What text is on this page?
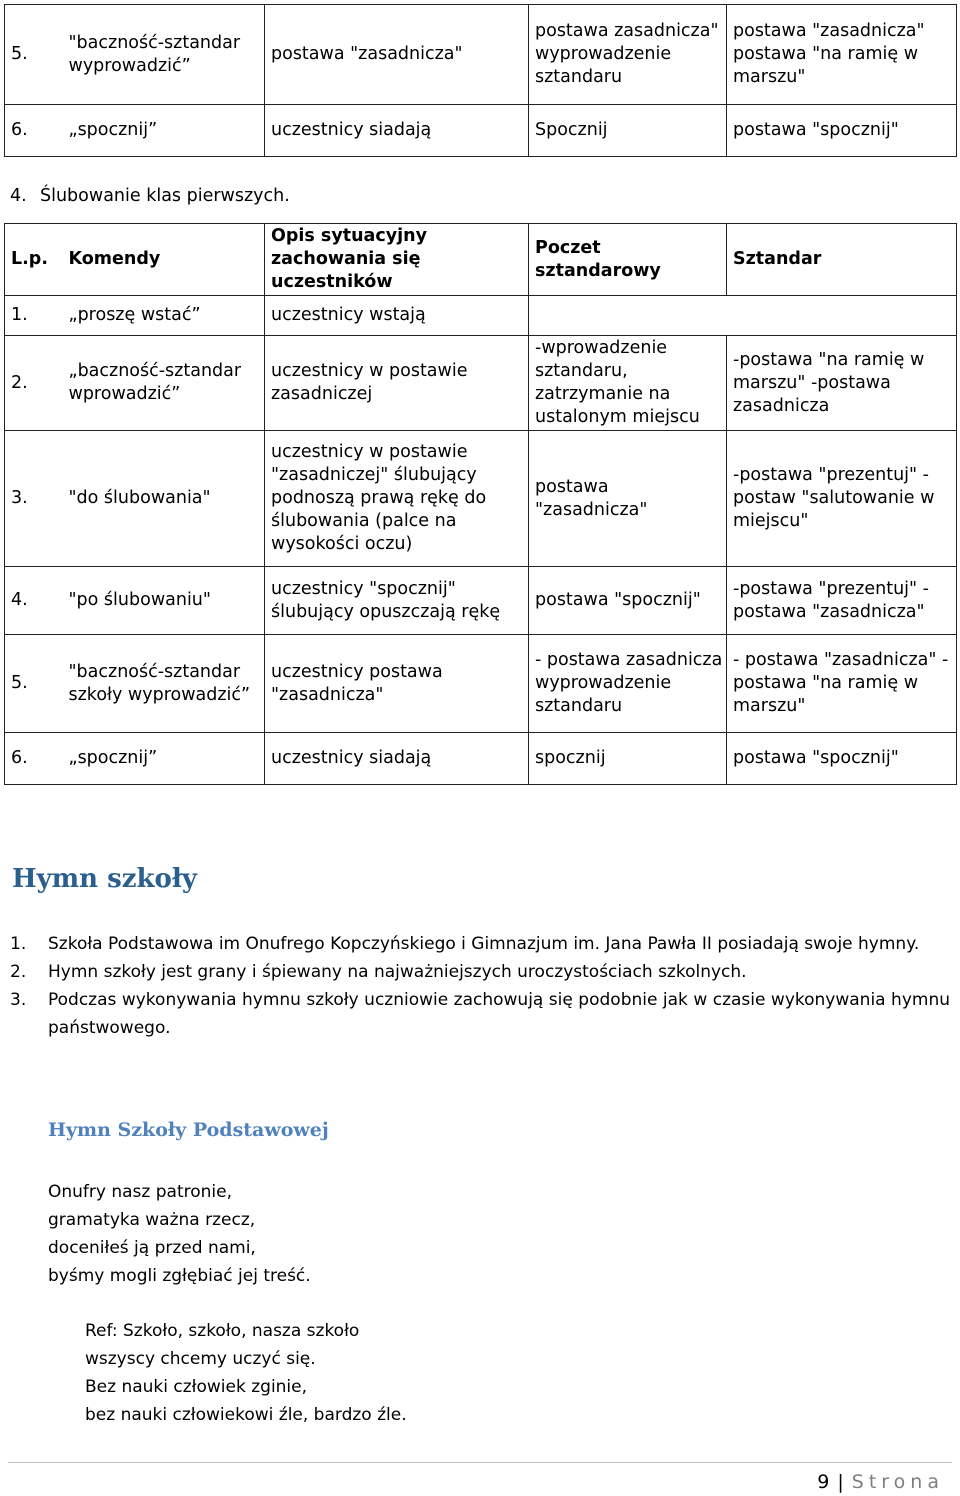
5.	"baczność-sztandar wyprowadzić”	postawa "zasadnicza"	postawa zasadnicza" wyprowadzenie sztandaru	postawa "zasadnicza" postawa "na ramię w marszu"
6.	„spocznij”	uczestnicy siadają	Spocznij	postawa "spocznij"
4. Ślubowanie klas pierwszych.
L.p.	Komendy	Opis sytuacyjny zachowania się uczestników	Poczet sztandarowy	Sztandar
1.	„proszę wstać”	uczestnicy wstają		
2.	„baczność-sztandar wprowadzić”	uczestnicy w postawie zasadniczej	-wprowadzenie sztandaru, zatrzymanie na ustalonym miejscu	-postawa "na ramię w marszu" -postawa zasadnicza
3.	"do ślubowania"	uczestnicy w postawie "zasadniczej" ślubujący podnoszą prawą rękę do ślubowania (palce na wysokości oczu)	postawa "zasadnicza"	-postawa "prezentuj" -postaw "salutowanie w miejscu"
4.	"po ślubowaniu"	uczestnicy "spocznij" ślubujący opuszczają rękę	postawa "spocznij"	-postawa "prezentuj" -postawa "zasadnicza"
5.	"baczność-sztandar szkoły wyprowadzić”	uczestnicy postawa "zasadnicza"	- postawa zasadnicza wyprowadzenie sztandaru	- postawa "zasadnicza" - postawa "na ramię w marszu"
6.	„spocznij”	uczestnicy siadają	spocznij	postawa "spocznij"
Hymn szkoły
1. Szkoła Podstawowa im Onufrego Kopczyńskiego i Gimnazjum im. Jana Pawła II posiadają swoje hymny.
2. Hymn szkoły jest grany i śpiewany na najważniejszych uroczystościach szkolnych.
3. Podczas wykonywania hymnu szkoły uczniowie zachowują się podobnie jak w czasie wykonywania hymnu państwowego.
Hymn Szkoły Podstawowej
Onufry nasz patronie,
gramatyka ważna rzecz,
doceniłeś ją przed nami,
byśmy mogli zgłębiać jej treść.
Ref: Szkoło, szkoło, nasza szkoło
wszyscy chcemy uczyć się.
Bez nauki człowiek zginie,
bez nauki człowiekowi źle, bardzo źle.
9 | Strona
